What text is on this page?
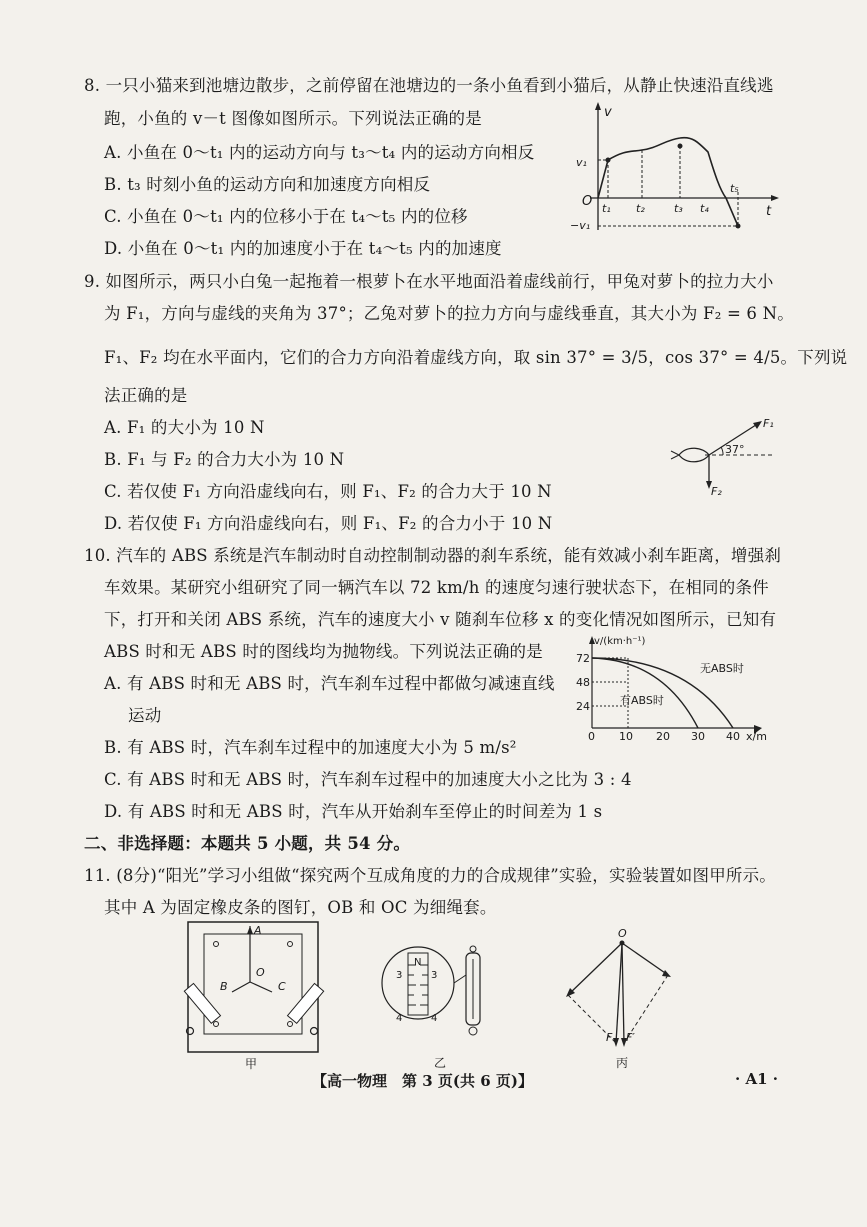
8. 一只小猫来到池塘边散步，之前停留在池塘边的一条小鱼看到小猫后，从静止快速沿直线逃
跑，小鱼的 v－t 图像如图所示。下列说法正确的是
A. 小鱼在 0～t₁ 内的运动方向与 t₃～t₄ 内的运动方向相反
B. t₃ 时刻小鱼的运动方向和加速度方向相反
C. 小鱼在 0～t₁ 内的位移小于在 t₄～t₅ 内的位移
D. 小鱼在 0～t₁ 内的加速度小于在 t₄～t₅ 内的加速度
v
t
O
v₁
−v₁
t₁ t₂	t₃ t₄
t₅
9. 如图所示，两只小白兔一起拖着一根萝卜在水平地面沿着虚线前行，甲兔对萝卜的拉力大小
为 F₁，方向与虚线的夹角为 37°；乙兔对萝卜的拉力方向与虚线垂直，其大小为 F₂ = 6 N。
F₁、F₂ 均在水平面内，它们的合力方向沿着虚线方向，取 sin 37° = 3/5，cos 37° = 4/5。下列说
法正确的是
A. F₁ 的大小为 10 N
B. F₁ 与 F₂ 的合力大小为 10 N
C. 若仅使 F₁ 方向沿虚线向右，则 F₁、F₂ 的合力大于 10 N
D. 若仅使 F₁ 方向沿虚线向右，则 F₁、F₂ 的合力小于 10 N
F₁
F₂
37°
10. 汽车的 ABS 系统是汽车制动时自动控制制动器的刹车系统，能有效减小刹车距离，增强刹
车效果。某研究小组研究了同一辆汽车以 72 km/h 的速度匀速行驶状态下，在相同的条件
下，打开和关闭 ABS 系统，汽车的速度大小 v 随刹车位移 x 的变化情况如图所示，已知有
ABS 时和无 ABS 时的图线均为抛物线。下列说法正确的是
A. 有 ABS 时和无 ABS 时，汽车刹车过程中都做匀减速直线
运动
B. 有 ABS 时，汽车刹车过程中的加速度大小为 5 m/s²
C. 有 ABS 时和无 ABS 时，汽车刹车过程中的加速度大小之比为 3 : 4
D. 有 ABS 时和无 ABS 时，汽车从开始刹车至停止的时间差为 1 s
v/(km·h⁻¹)
x/m
72
48
24
0 10 20 30 40
无ABS时
有ABS时
二、非选择题：本题共 5 小题，共 54 分。
11. (8分)“阳光”学习小组做“探究两个互成角度的力的合成规律”实验，实验装置如图甲所示。
其中 A 为固定橡皮条的图钉，OB 和 OC 为细绳套。
A
B	C
O
甲
3	3
4	4
N
乙
O
F F′
丙
【高一物理　第 3 页(共 6 页)】	· A1 ·
